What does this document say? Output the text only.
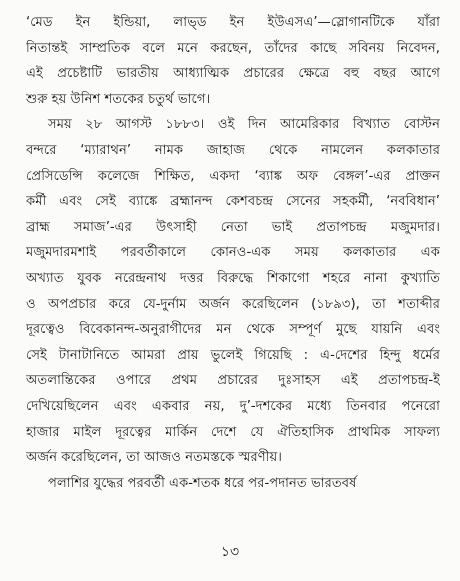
‘মেড ইন ইন্ডিয়া, লাভ্‌ড ইন ইউএসএ’—স্লোগানটিকে যাঁরা
নিতান্তই সাম্প্রতিক বলে মনে করছেন, তাঁদের কাছে সবিনয় নিবেদন,
এই প্রচেষ্টাটি ভারতীয় আধ্যাত্মিক প্রচারের ক্ষেত্রে বহু বছর আগে
শুরু হয় উনিশ শতকের চতুর্থ ভাগে।
সময় ২৮ আগস্ট ১৮৮৩। ওই দিন আমেরিকার বিখ্যাত বোস্টন
বন্দরে ‘ম্যারাথন’ নামক জাহাজ থেকে নামলেন কলকাতার
প্রেসিডেন্সি কলেজে শিক্ষিত, একদা ‘ব্যাঙ্ক অফ বেঙ্গল’-এর প্রাক্তন
কর্মী এবং সেই ব্যাঙ্কে ব্রহ্মানন্দ কেশবচন্দ্র সেনের সহকর্মী, ‘নববিধান’
ব্রাহ্ম সমাজ’-এর উৎসাহী নেতা ভাই প্রতাপচন্দ্র মজুমদার।
মজুমদারমশাই পরবর্তীকালে কোনও-এক সময় কলকাতার এক
অখ্যাত যুবক নরেন্দ্রনাথ দত্তর বিরুদ্ধে শিকাগো শহরে নানা কুখ্যাতি
ও অপপ্রচার করে যে-দুর্নাম অর্জন করেছিলেন (১৮৯৩), তা শতাব্দীর
দূরত্বেও বিবেকানন্দ-অনুরাগীদের মন থেকে সম্পূর্ণ মুছে যায়নি এবং
সেই টানাটানিতে আমরা প্রায় ভুলেই গিয়েছি : এ-দেশের হিন্দু ধর্মের
অতলান্তিকের ওপারে প্রথম প্রচারের দুঃসাহস এই প্রতাপচন্দ্র-ই
দেখিয়েছিলেন এবং একবার নয়, দু’-দশকের মধ্যে তিনবার পনেরো
হাজার মাইল দূরত্বের মার্কিন দেশে যে ঐতিহাসিক প্রাথমিক সাফল্য
অর্জন করেছিলেন, তা আজও নতমস্তকে স্মরণীয়।
পলাশির যুদ্ধের পরবর্তী এক-শতক ধরে পর-পদানত ভারতবর্ষ
১৩
